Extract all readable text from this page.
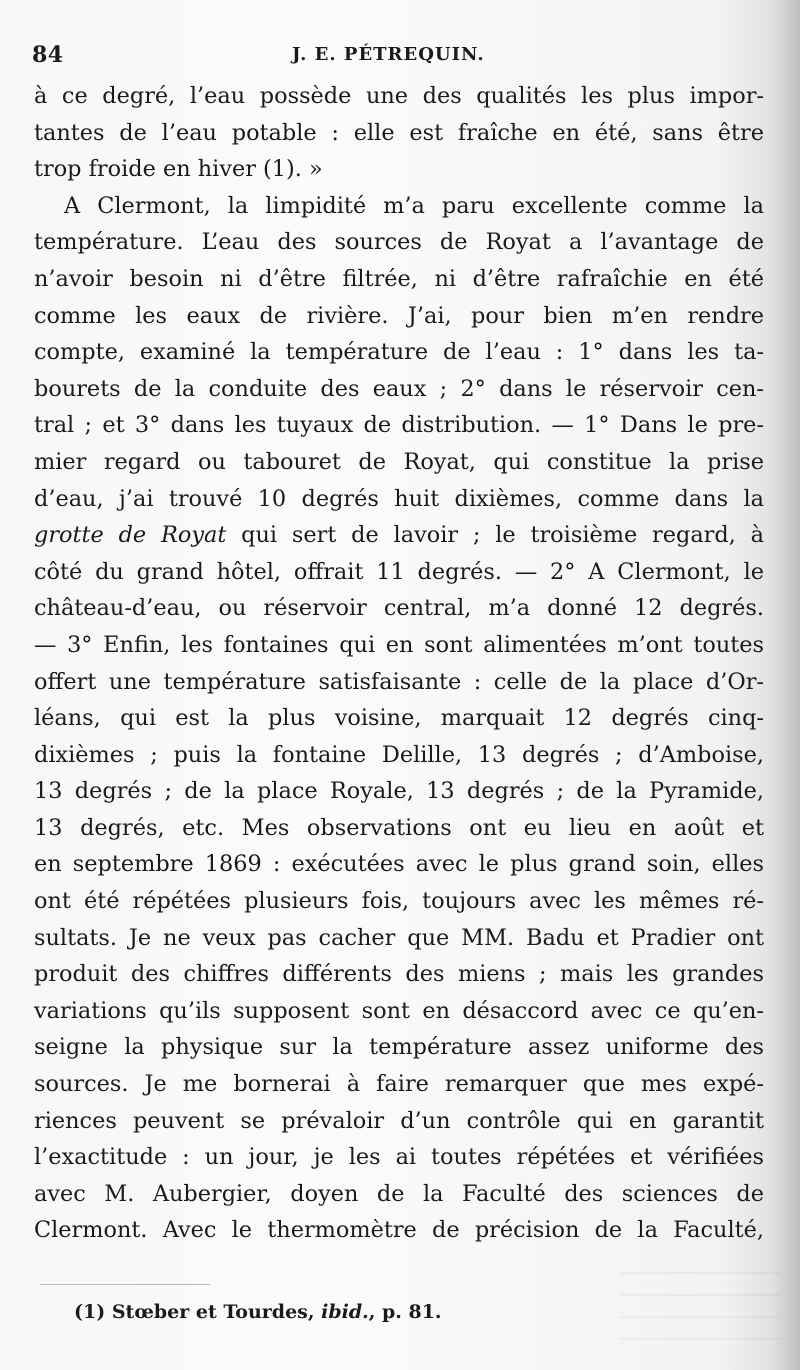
84	J. E. PÉTREQUIN.
à ce degré, l’eau possède une des qualités les plus impor-
tantes de l’eau potable : elle est fraîche en été, sans être
trop froide en hiver (1). »
A Clermont, la limpidité m’a paru excellente comme la
température. L’eau des sources de Royat a l’avantage de
n’avoir besoin ni d’être filtrée, ni d’être rafraîchie en été
comme les eaux de rivière. J’ai, pour bien m’en rendre
compte, examiné la température de l’eau : 1° dans les ta-
bourets de la conduite des eaux ; 2° dans le réservoir cen-
tral ; et 3° dans les tuyaux de distribution. — 1° Dans le pre-
mier regard ou tabouret de Royat, qui constitue la prise
d’eau, j’ai trouvé 10 degrés huit dixièmes, comme dans la
grotte de Royat qui sert de lavoir ; le troisième regard, à
côté du grand hôtel, offrait 11 degrés. — 2° A Clermont, le
château-d’eau, ou réservoir central, m’a donné 12 degrés.
— 3° Enfin, les fontaines qui en sont alimentées m’ont toutes
offert une température satisfaisante : celle de la place d’Or-
léans, qui est la plus voisine, marquait 12 degrés cinq-
dixièmes ; puis la fontaine Delille, 13 degrés ; d’Amboise,
13 degrés ; de la place Royale, 13 degrés ; de la Pyramide,
13 degrés, etc. Mes observations ont eu lieu en août et
en septembre 1869 : exécutées avec le plus grand soin, elles
ont été répétées plusieurs fois, toujours avec les mêmes ré-
sultats. Je ne veux pas cacher que MM. Badu et Pradier ont
produit des chiffres différents des miens ; mais les grandes
variations qu’ils supposent sont en désaccord avec ce qu’en-
seigne la physique sur la température assez uniforme des
sources. Je me bornerai à faire remarquer que mes expé-
riences peuvent se prévaloir d’un contrôle qui en garantit
l’exactitude : un jour, je les ai toutes répétées et vérifiées
avec M. Aubergier, doyen de la Faculté des sciences de
Clermont. Avec le thermomètre de précision de la Faculté,
(1) Stœber et Tourdes, ibid., p. 81.
